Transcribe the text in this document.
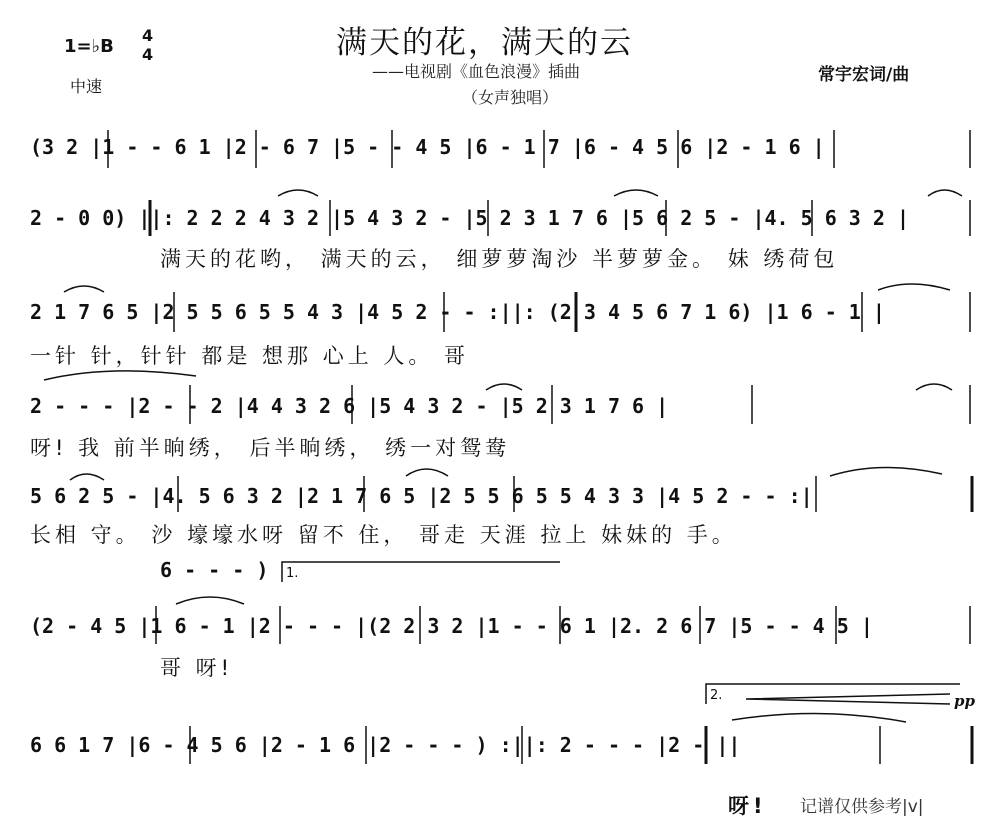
1=♭B
4
4
中速
满天的花，满天的云
——电视剧《血色浪漫》插曲
（女声独唱）
常宇宏词/曲
(3 2 |1 - - 6 1 |2 - 6 7 |5 - - 4 5 |6 - 1 7 |6 - 4 5 6 |2 - 1 6 |
2 - 0 0) ||: 2 2 2 4 3 2 |5 4 3 2 - |5 2 3 1 7 6 |5 6 2 5 - |4. 5 6 3 2 |
满天的花哟， 满天的云， 细萝萝淘沙 半萝萝金。 妹 绣荷包
2 1 7 6 5 |2 5 5 6 5 5 4 3 |4 5 2 - - :||: (2 3 4 5 6 7 1 6) |1 6 - 1 |
一针 针，针针 都是 想那 心上 人。 哥
2 - - - |2 - - 2 |4 4 3 2 6 |5 4 3 2 - |5 2 3 1 7 6 |
呀! 我 前半晌绣， 后半晌绣， 绣一对鸳鸯
5 6 2 5 - |4. 5 6 3 2 |2 1 7 6 5 |2 5 5 6 5 5 4 3 3 |4 5 2 - - :|
长相 守。 沙 壕壕水呀 留不 住， 哥走 天涯 拉上 妹妹的 手。
6 - - - ) 1.
(2 - 4 5 |1 6 - 1 |2 - - - |(2 2 3 2 |1 - - 6 1 |2. 2 6 7 |5 - - 4 5 |
哥 呀!
2.	pp
6 6 1 7 |6 - 4 5 6 |2 - 1 6 |2 - - - ) :||: 2 - - - |2 - ||
呀! 记谱仅供参考|v|
